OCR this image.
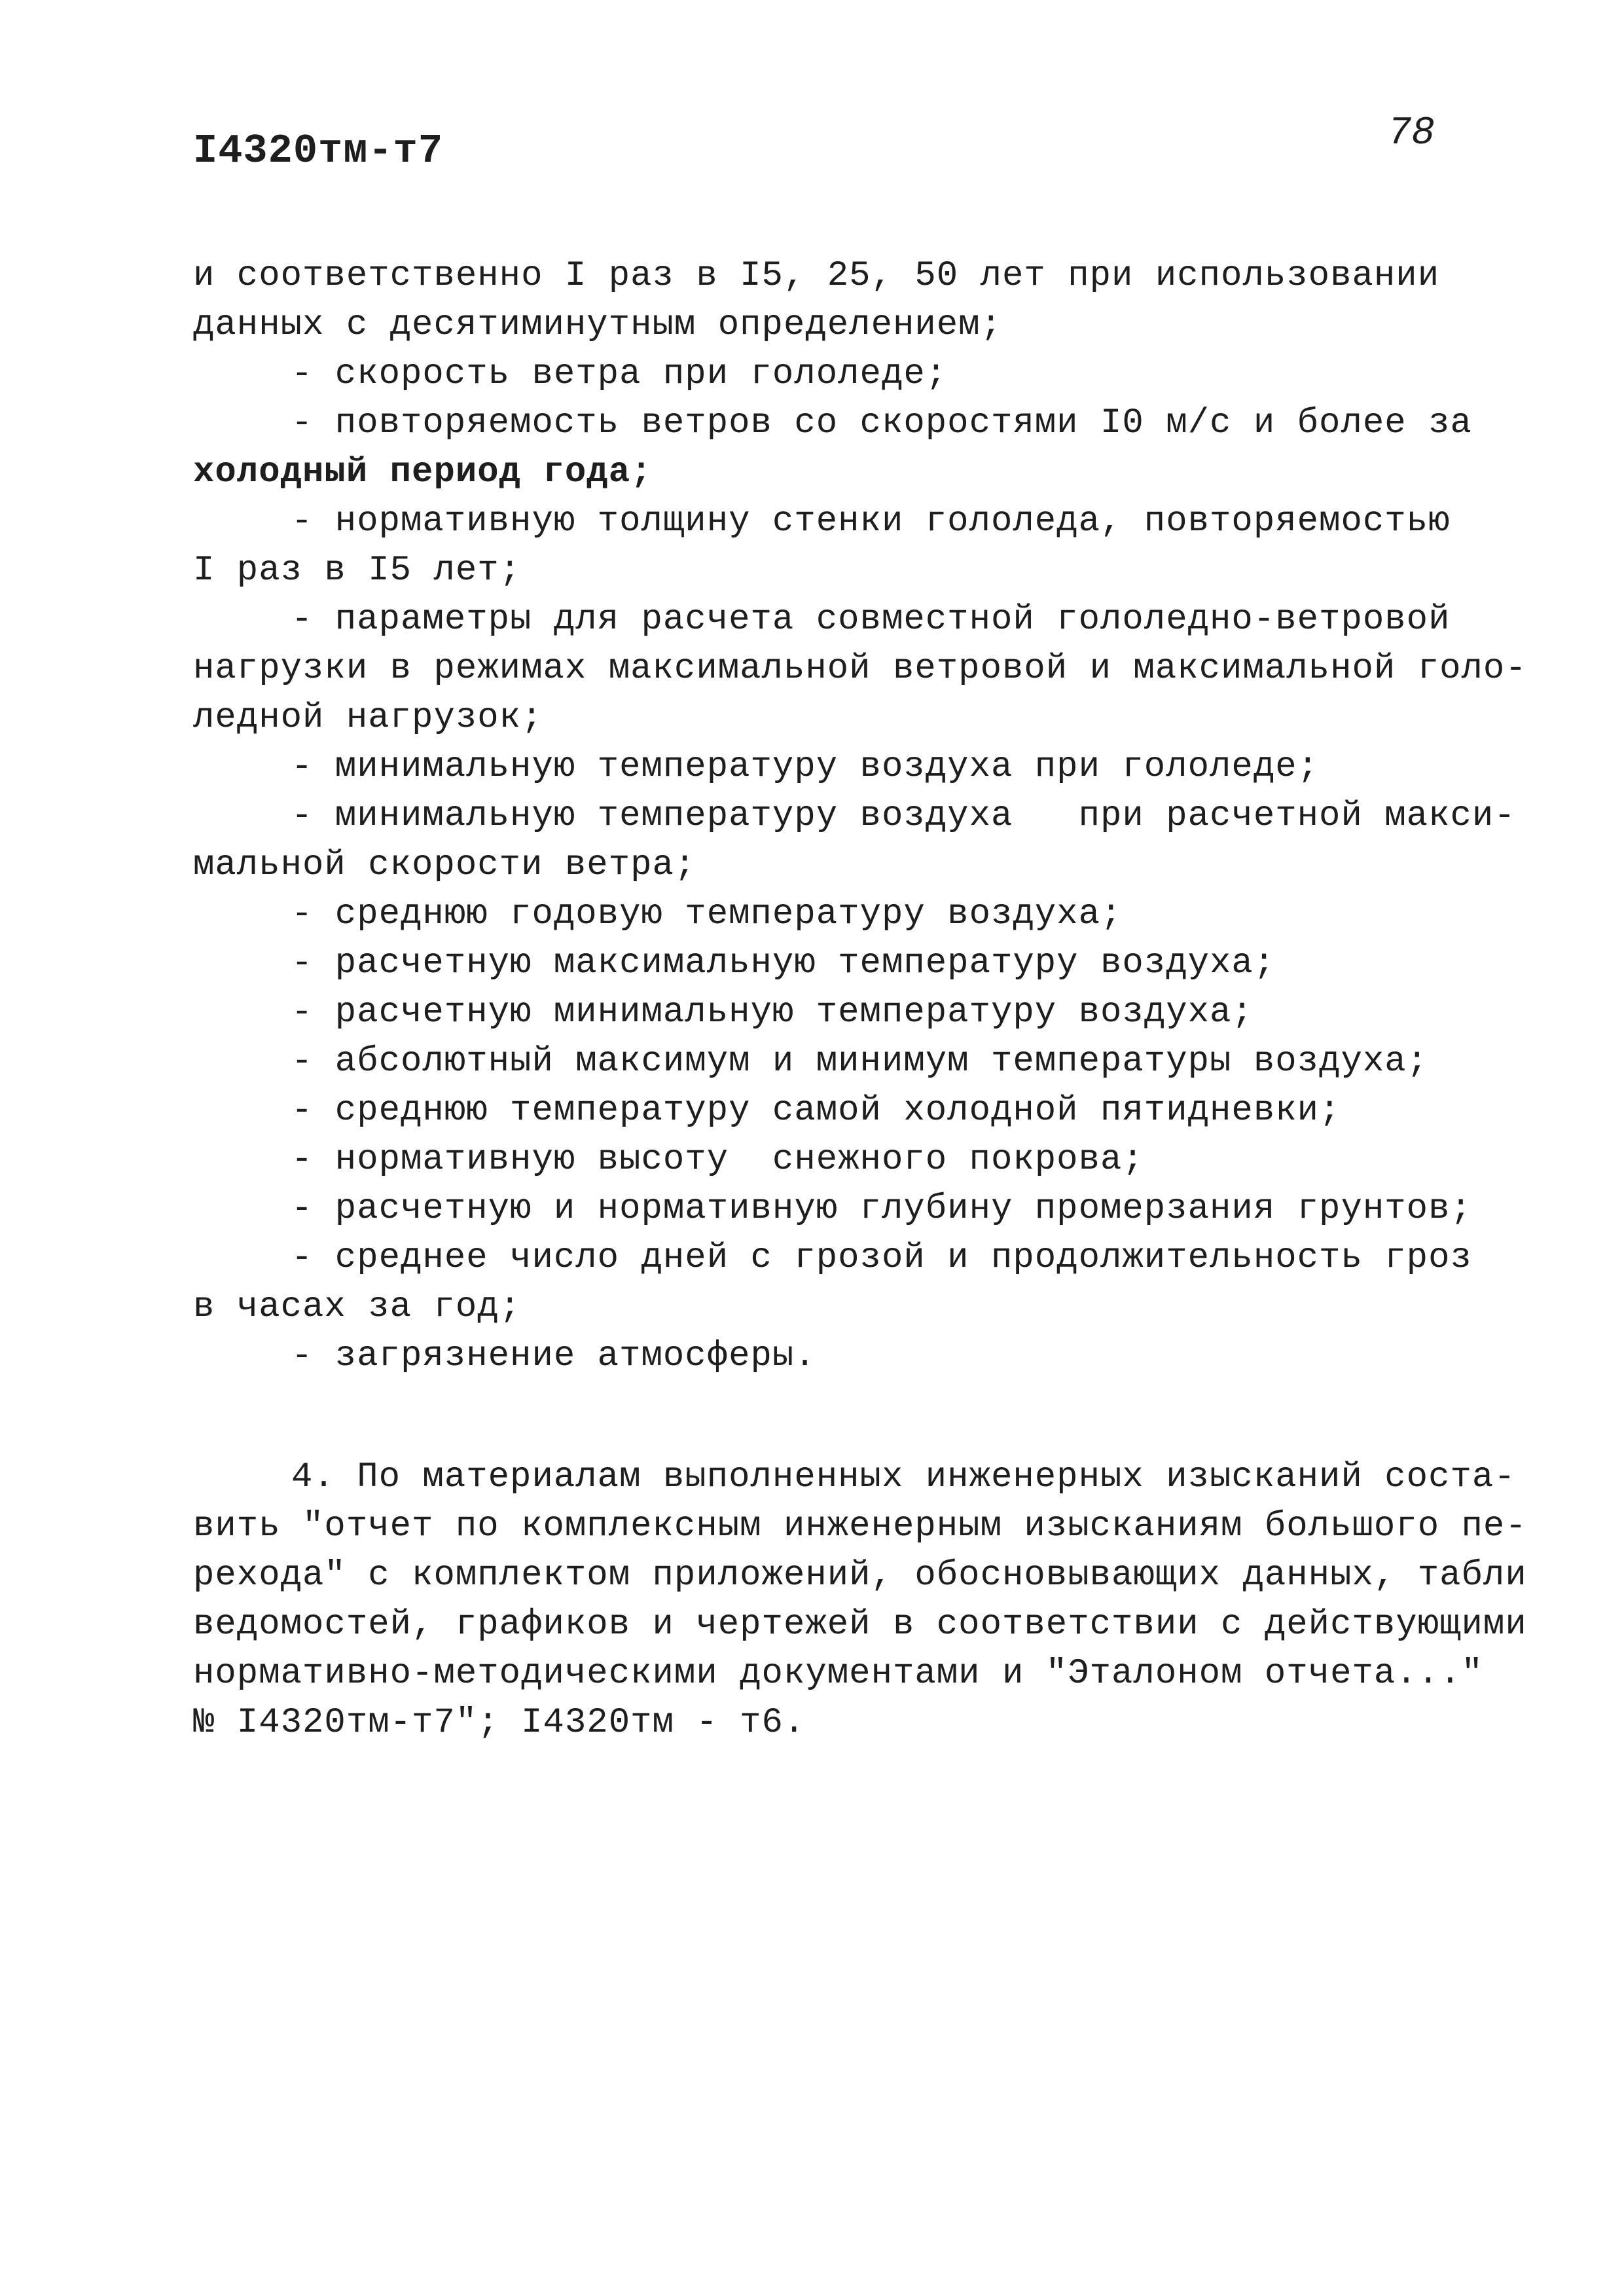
I4320тм-т7	78
и соответственно I раз в I5, 25, 50 лет при использовании
данных с десятиминутным определением;
- скорость ветра при гололеде;
- повторяемость ветров со скоростями I0 м/с и более за
холодный период года;
- нормативную толщину стенки гололеда, повторяемостью
I раз в I5 лет;
- параметры для расчета совместной гололедно-ветровой
нагрузки в режимах максимальной ветровой и максимальной голо-
ледной нагрузок;
- минимальную температуру воздуха при гололеде;
- минимальную температуру воздуха   при расчетной макси-
мальной скорости ветра;
- среднюю годовую температуру воздуха;
- расчетную максимальную температуру воздуха;
- расчетную минимальную температуру воздуха;
- абсолютный максимум и минимум температуры воздуха;
- среднюю температуру самой холодной пятидневки;
- нормативную высоту  снежного покрова;
- расчетную и нормативную глубину промерзания грунтов;
- среднее число дней с грозой и продолжительность гроз
в часах за год;
- загрязнение атмосферы.
4. По материалам выполненных инженерных изысканий соста-
вить "отчет по комплексным инженерным изысканиям большого пе-
рехода" с комплектом приложений, обосновывающих данных, табли
ведомостей, графиков и чертежей в соответствии с действующими
нормативно-методическими документами и "Эталоном отчета..."
№ I4320тм-т7"; I4320тм - т6.
